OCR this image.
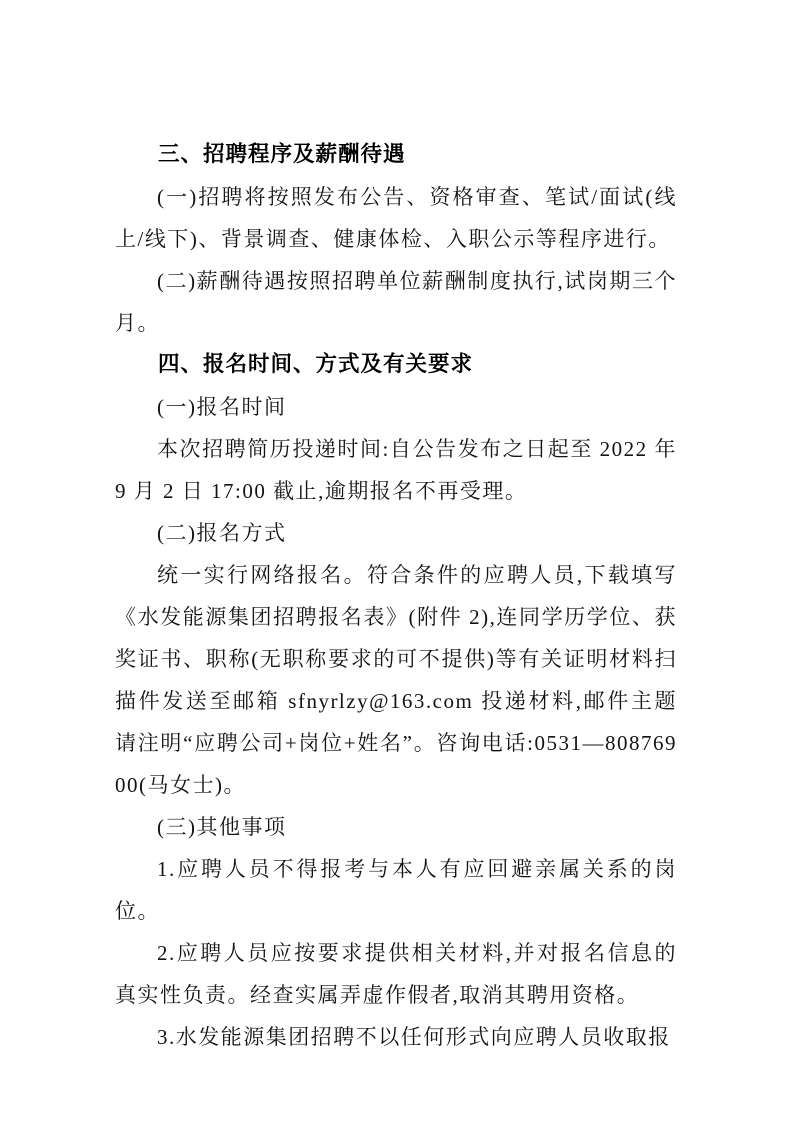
三、招聘程序及薪酬待遇

(一)招聘将按照发布公告、资格审查、笔试/面试(线上/线下)、背景调查、健康体检、入职公示等程序进行。

(二)薪酬待遇按照招聘单位薪酬制度执行,试岗期三个月。

四、报名时间、方式及有关要求

(一)报名时间

本次招聘简历投递时间:自公告发布之日起至 2022 年 9 月 2 日 17:00 截止,逾期报名不再受理。

(二)报名方式

统一实行网络报名。符合条件的应聘人员,下载填写《水发能源集团招聘报名表》(附件 2),连同学历学位、获奖证书、职称(无职称要求的可不提供)等有关证明材料扫描件发送至邮箱 sfnyrlzy@163.com 投递材料,邮件主题请注明“应聘公司+岗位+姓名”。咨询电话:0531—80876900(马女士)。

(三)其他事项

1.应聘人员不得报考与本人有应回避亲属关系的岗位。

2.应聘人员应按要求提供相关材料,并对报名信息的真实性负责。经查实属弄虚作假者,取消其聘用资格。

3.水发能源集团招聘不以任何形式向应聘人员收取报
